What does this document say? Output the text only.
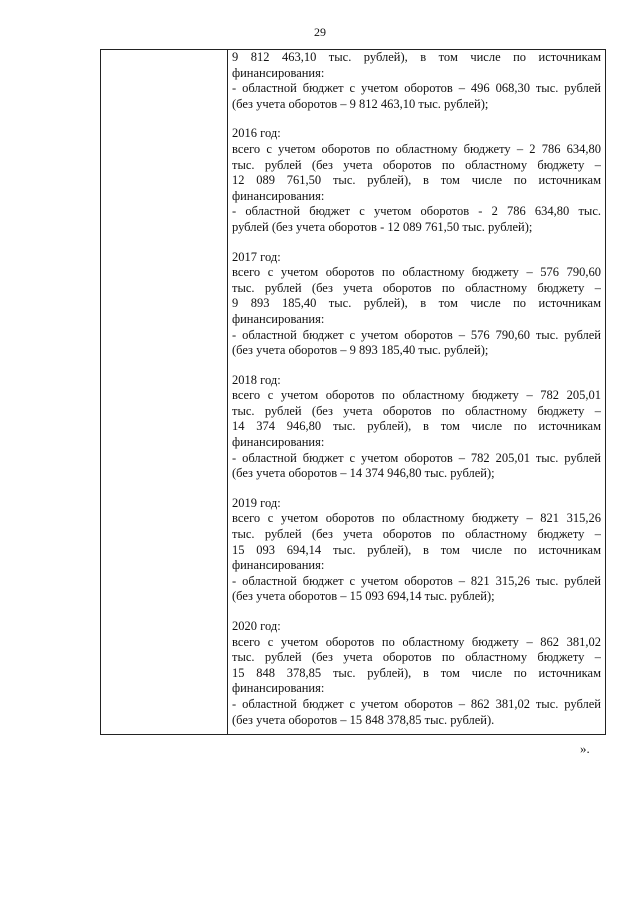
29

9 812 463,10 тыс. рублей), в том числе по источникам
финансирования:
- областной бюджет с учетом оборотов – 496 068,30 тыс. рублей
(без учета оборотов – 9 812 463,10 тыс. рублей);
2016 год:
всего с учетом оборотов по областному бюджету – 2 786 634,80
тыс. рублей (без учета оборотов по областному бюджету –
12 089 761,50 тыс. рублей), в том числе по источникам
финансирования:
- областной бюджет с учетом оборотов - 2 786 634,80 тыс.
рублей (без учета оборотов - 12 089 761,50 тыс. рублей);
2017 год:
всего с учетом оборотов по областному бюджету – 576 790,60
тыс. рублей (без учета оборотов по областному бюджету –
9 893 185,40 тыс. рублей), в том числе по источникам
финансирования:
- областной бюджет с учетом оборотов – 576 790,60 тыс. рублей
(без учета оборотов – 9 893 185,40 тыс. рублей);
2018 год:
всего с учетом оборотов по областному бюджету – 782 205,01
тыс. рублей (без учета оборотов по областному бюджету –
14 374 946,80 тыс. рублей), в том числе по источникам
финансирования:
- областной бюджет с учетом оборотов – 782 205,01 тыс. рублей
(без учета оборотов – 14 374 946,80 тыс. рублей);
2019 год:
всего с учетом оборотов по областному бюджету – 821 315,26
тыс. рублей (без учета оборотов по областному бюджету –
15 093 694,14 тыс. рублей), в том числе по источникам
финансирования:
- областной бюджет с учетом оборотов – 821 315,26 тыс. рублей
(без учета оборотов – 15 093 694,14 тыс. рублей);
2020 год:
всего с учетом оборотов по областному бюджету – 862 381,02
тыс. рублей (без учета оборотов по областному бюджету –
15 848 378,85 тыс. рублей), в том числе по источникам
финансирования:
- областной бюджет с учетом оборотов – 862 381,02 тыс. рублей
(без учета оборотов – 15 848 378,85 тыс. рублей).
».
